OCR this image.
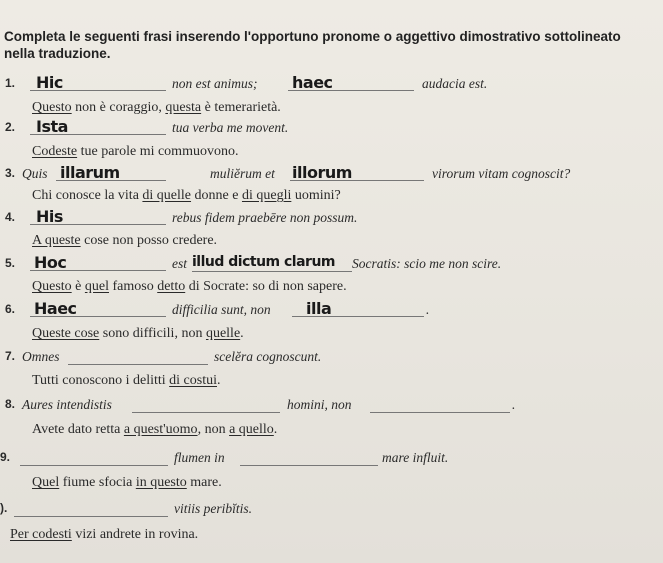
Completa le seguenti frasi inserendo l'opportuno pronome o aggettivo dimostrativo sottolineato nella traduzione.
1.	Hic	non est animus; haec	audacia est.
Questo non è coraggio, questa è temerarietà.
2.	Ista	tua verba me movent.
Codeste tue parole mi commuovono.
3. Quis illarum	muliĕrum et illorum	virorum vitam cognoscit?
Chi conosce la vita di quelle donne e di quegli uomini?
4.	His	rebus fidem praebēre non possum.
A queste cose non posso credere.
5. Hoc	est illud dictum clarum	Socratis: scio me non scire.
Questo è quel famoso detto di Socrate: so di non sapere.
6. Haec	difficilia sunt, non	illa	.
Queste cose sono difficili, non quelle.
7. Omnes	scelĕra cognoscunt.
Tutti conoscono i delitti di costui.
8. Aures intendistis	homini, non	.
Avete dato retta a quest'uomo, non a quello.
9.	flumen in	mare influit.
Quel fiume sfocia in questo mare.
).	vitiis peribĭtis.
Per codesti vizi andrete in rovina.
